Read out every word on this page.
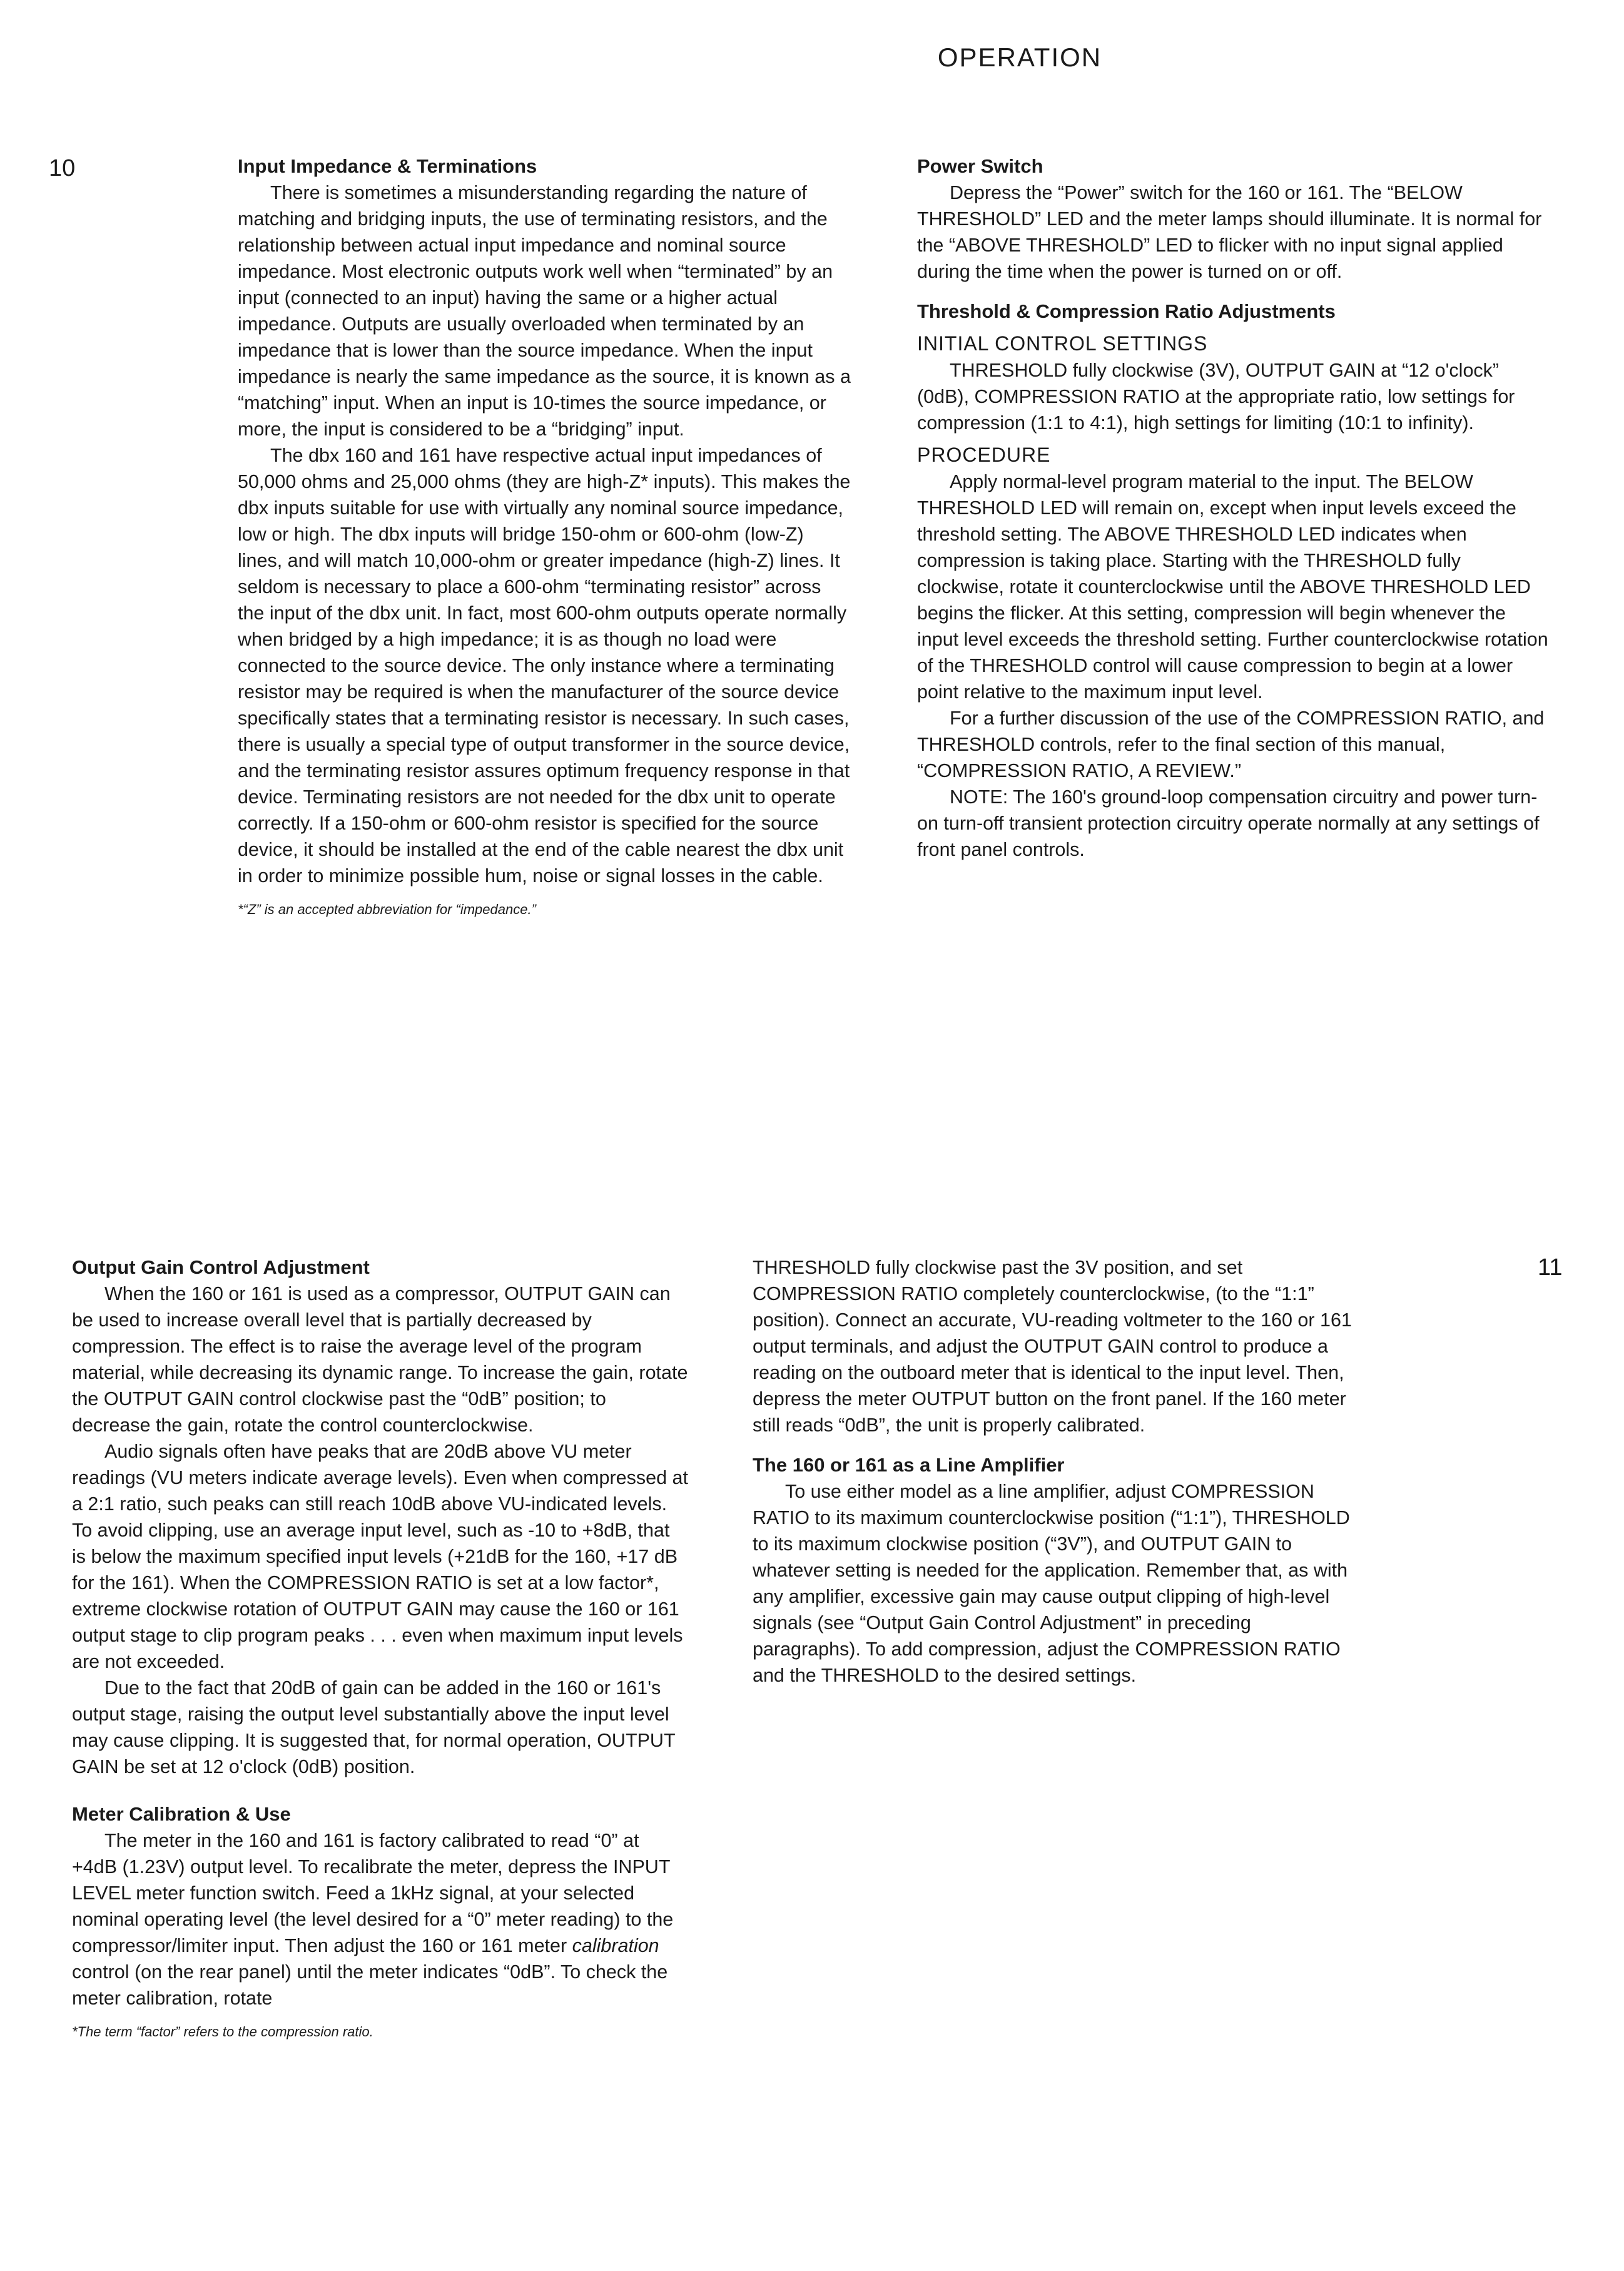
OPERATION
10
11
Input Impedance & Terminations

There is sometimes a misunderstanding regarding the nature of matching and bridging inputs, the use of terminating resistors, and the relationship between actual input impedance and nominal source impedance. Most electronic outputs work well when “terminated” by an input (connected to an input) having the same or a higher actual impedance. Outputs are usually overloaded when terminated by an impedance that is lower than the source impedance. When the input impedance is nearly the same impedance as the source, it is known as a “matching” input. When an input is 10-times the source impedance, or more, the input is considered to be a “bridging” input.

The dbx 160 and 161 have respective actual input impedances of 50,000 ohms and 25,000 ohms (they are high-Z* inputs). This makes the dbx inputs suitable for use with virtually any nominal source impedance, low or high. The dbx inputs will bridge 150-ohm or 600-ohm (low-Z) lines, and will match 10,000-ohm or greater impedance (high-Z) lines. It seldom is necessary to place a 600-ohm “terminating resistor” across the input of the dbx unit. In fact, most 600-ohm outputs operate normally when bridged by a high impedance; it is as though no load were connected to the source device. The only instance where a terminating resistor may be required is when the manufacturer of the source device specifically states that a terminating resistor is necessary. In such cases, there is usually a special type of output transformer in the source device, and the terminating resistor assures optimum frequency response in that device. Terminating resistors are not needed for the dbx unit to operate correctly. If a 150-ohm or 600-ohm resistor is specified for the source device, it should be installed at the end of the cable nearest the dbx unit in order to minimize possible hum, noise or signal losses in the cable.

*“Z” is an accepted abbreviation for “impedance.”

Power Switch

Depress the “Power” switch for the 160 or 161. The “BELOW THRESHOLD” LED and the meter lamps should illuminate. It is normal for the “ABOVE THRESHOLD” LED to flicker with no input signal applied during the time when the power is turned on or off.

Threshold & Compression Ratio Adjustments

INITIAL CONTROL SETTINGS

THRESHOLD fully clockwise (3V), OUTPUT GAIN at “12 o'clock” (0dB), COMPRESSION RATIO at the appropriate ratio, low settings for compression (1:1 to 4:1), high settings for limiting (10:1 to infinity).

PROCEDURE

Apply normal-level program material to the input. The BELOW THRESHOLD LED will remain on, except when input levels exceed the threshold setting. The ABOVE THRESHOLD LED indicates when compression is taking place. Starting with the THRESHOLD fully clockwise, rotate it counterclockwise until the ABOVE THRESHOLD LED begins the flicker. At this setting, compression will begin whenever the input level exceeds the threshold setting. Further counterclockwise rotation of the THRESHOLD control will cause compression to begin at a lower point relative to the maximum input level.

For a further discussion of the use of the COMPRESSION RATIO, and THRESHOLD controls, refer to the final section of this manual, “COMPRESSION RATIO, A REVIEW.”

NOTE: The 160's ground-loop compensation circuitry and power turn-on turn-off transient protection circuitry operate normally at any settings of front panel controls.

Output Gain Control Adjustment

When the 160 or 161 is used as a compressor, OUTPUT GAIN can be used to increase overall level that is partially decreased by compression. The effect is to raise the average level of the program material, while decreasing its dynamic range. To increase the gain, rotate the OUTPUT GAIN control clockwise past the “0dB” position; to decrease the gain, rotate the control counterclockwise.

Audio signals often have peaks that are 20dB above VU meter readings (VU meters indicate average levels). Even when compressed at a 2:1 ratio, such peaks can still reach 10dB above VU-indicated levels. To avoid clipping, use an average input level, such as -10 to +8dB, that is below the maximum specified input levels (+21dB for the 160, +17 dB for the 161). When the COMPRESSION RATIO is set at a low factor*, extreme clockwise rotation of OUTPUT GAIN may cause the 160 or 161 output stage to clip program peaks . . . even when maximum input levels are not exceeded.

Due to the fact that 20dB of gain can be added in the 160 or 161's output stage, raising the output level substantially above the input level may cause clipping. It is suggested that, for normal operation, OUTPUT GAIN be set at 12 o'clock (0dB) position.

Meter Calibration & Use

The meter in the 160 and 161 is factory calibrated to read “0” at +4dB (1.23V) output level. To recalibrate the meter, depress the INPUT LEVEL meter function switch. Feed a 1kHz signal, at your selected nominal operating level (the level desired for a “0” meter reading) to the compressor/limiter input. Then adjust the 160 or 161 meter calibration control (on the rear panel) until the meter indicates “0dB”. To check the meter calibration, rotate

*The term “factor” refers to the compression ratio.

THRESHOLD fully clockwise past the 3V position, and set COMPRESSION RATIO completely counterclockwise, (to the “1:1” position). Connect an accurate, VU-reading voltmeter to the 160 or 161 output terminals, and adjust the OUTPUT GAIN control to produce a reading on the outboard meter that is identical to the input level. Then, depress the meter OUTPUT button on the front panel. If the 160 meter still reads “0dB”, the unit is properly calibrated.

The 160 or 161 as a Line Amplifier

To use either model as a line amplifier, adjust COMPRESSION RATIO to its maximum counterclockwise position (“1:1”), THRESHOLD to its maximum clockwise position (“3V”), and OUTPUT GAIN to whatever setting is needed for the application. Remember that, as with any amplifier, excessive gain may cause output clipping of high-level signals (see “Output Gain Control Adjustment” in preceding paragraphs). To add compression, adjust the COMPRESSION RATIO and the THRESHOLD to the desired settings.
